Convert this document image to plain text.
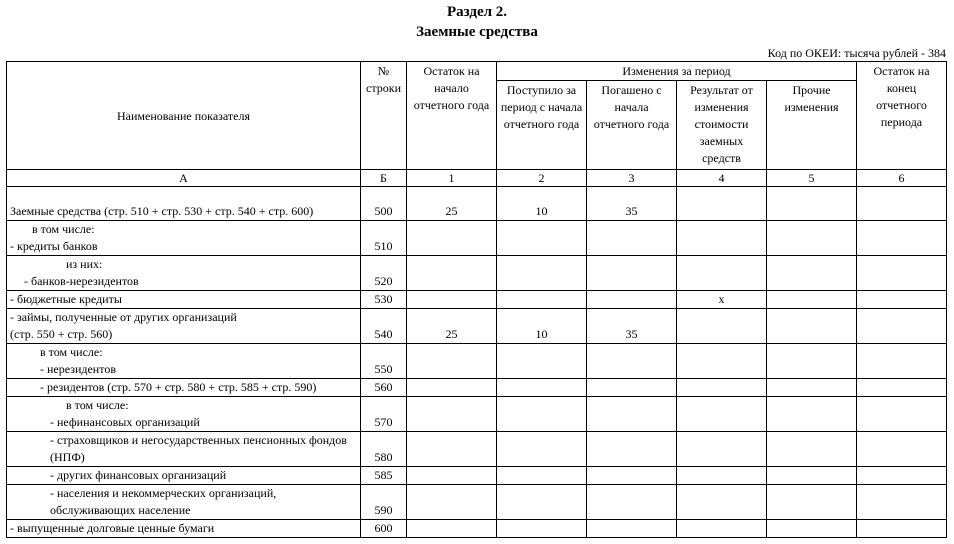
Раздел 2.
Заемные средства
Код по ОКЕИ: тысяча рублей - 384
Наименование показателя	№ строки	Остаток на начало отчетного года	Изменения за период				Остаток на конец отчетного периода
			Поступило за период с начала отчетного года	Погашено с начала отчетного года	Результат от изменения стоимости заемных средств	Прочие изменения	
А	Б	1	2	3	4	5	6

Заемные средства (стр. 510 + стр. 530 + стр. 540 + стр. 600)	500	25	10	35			

в том числе:
- кредиты банков	510						

из них:
- банков-нерезидентов	520						

- бюджетные кредиты	530				x		

- займы, полученные от других организаций
(стр. 550 + стр. 560)	540	25	10	35			

в том числе:
- нерезидентов	550						

- резидентов (стр. 570 + стр. 580 + стр. 585 + стр. 590)	560						

в том числе:
- нефинансовых организаций	570						

- страховщиков и негосударственных пенсионных фондов (НПФ)	580						

- других финансовых организаций	585						

- населения и некоммерческих организаций, обслуживающих население	590						

- выпущенные долговые ценные бумаги	600						
